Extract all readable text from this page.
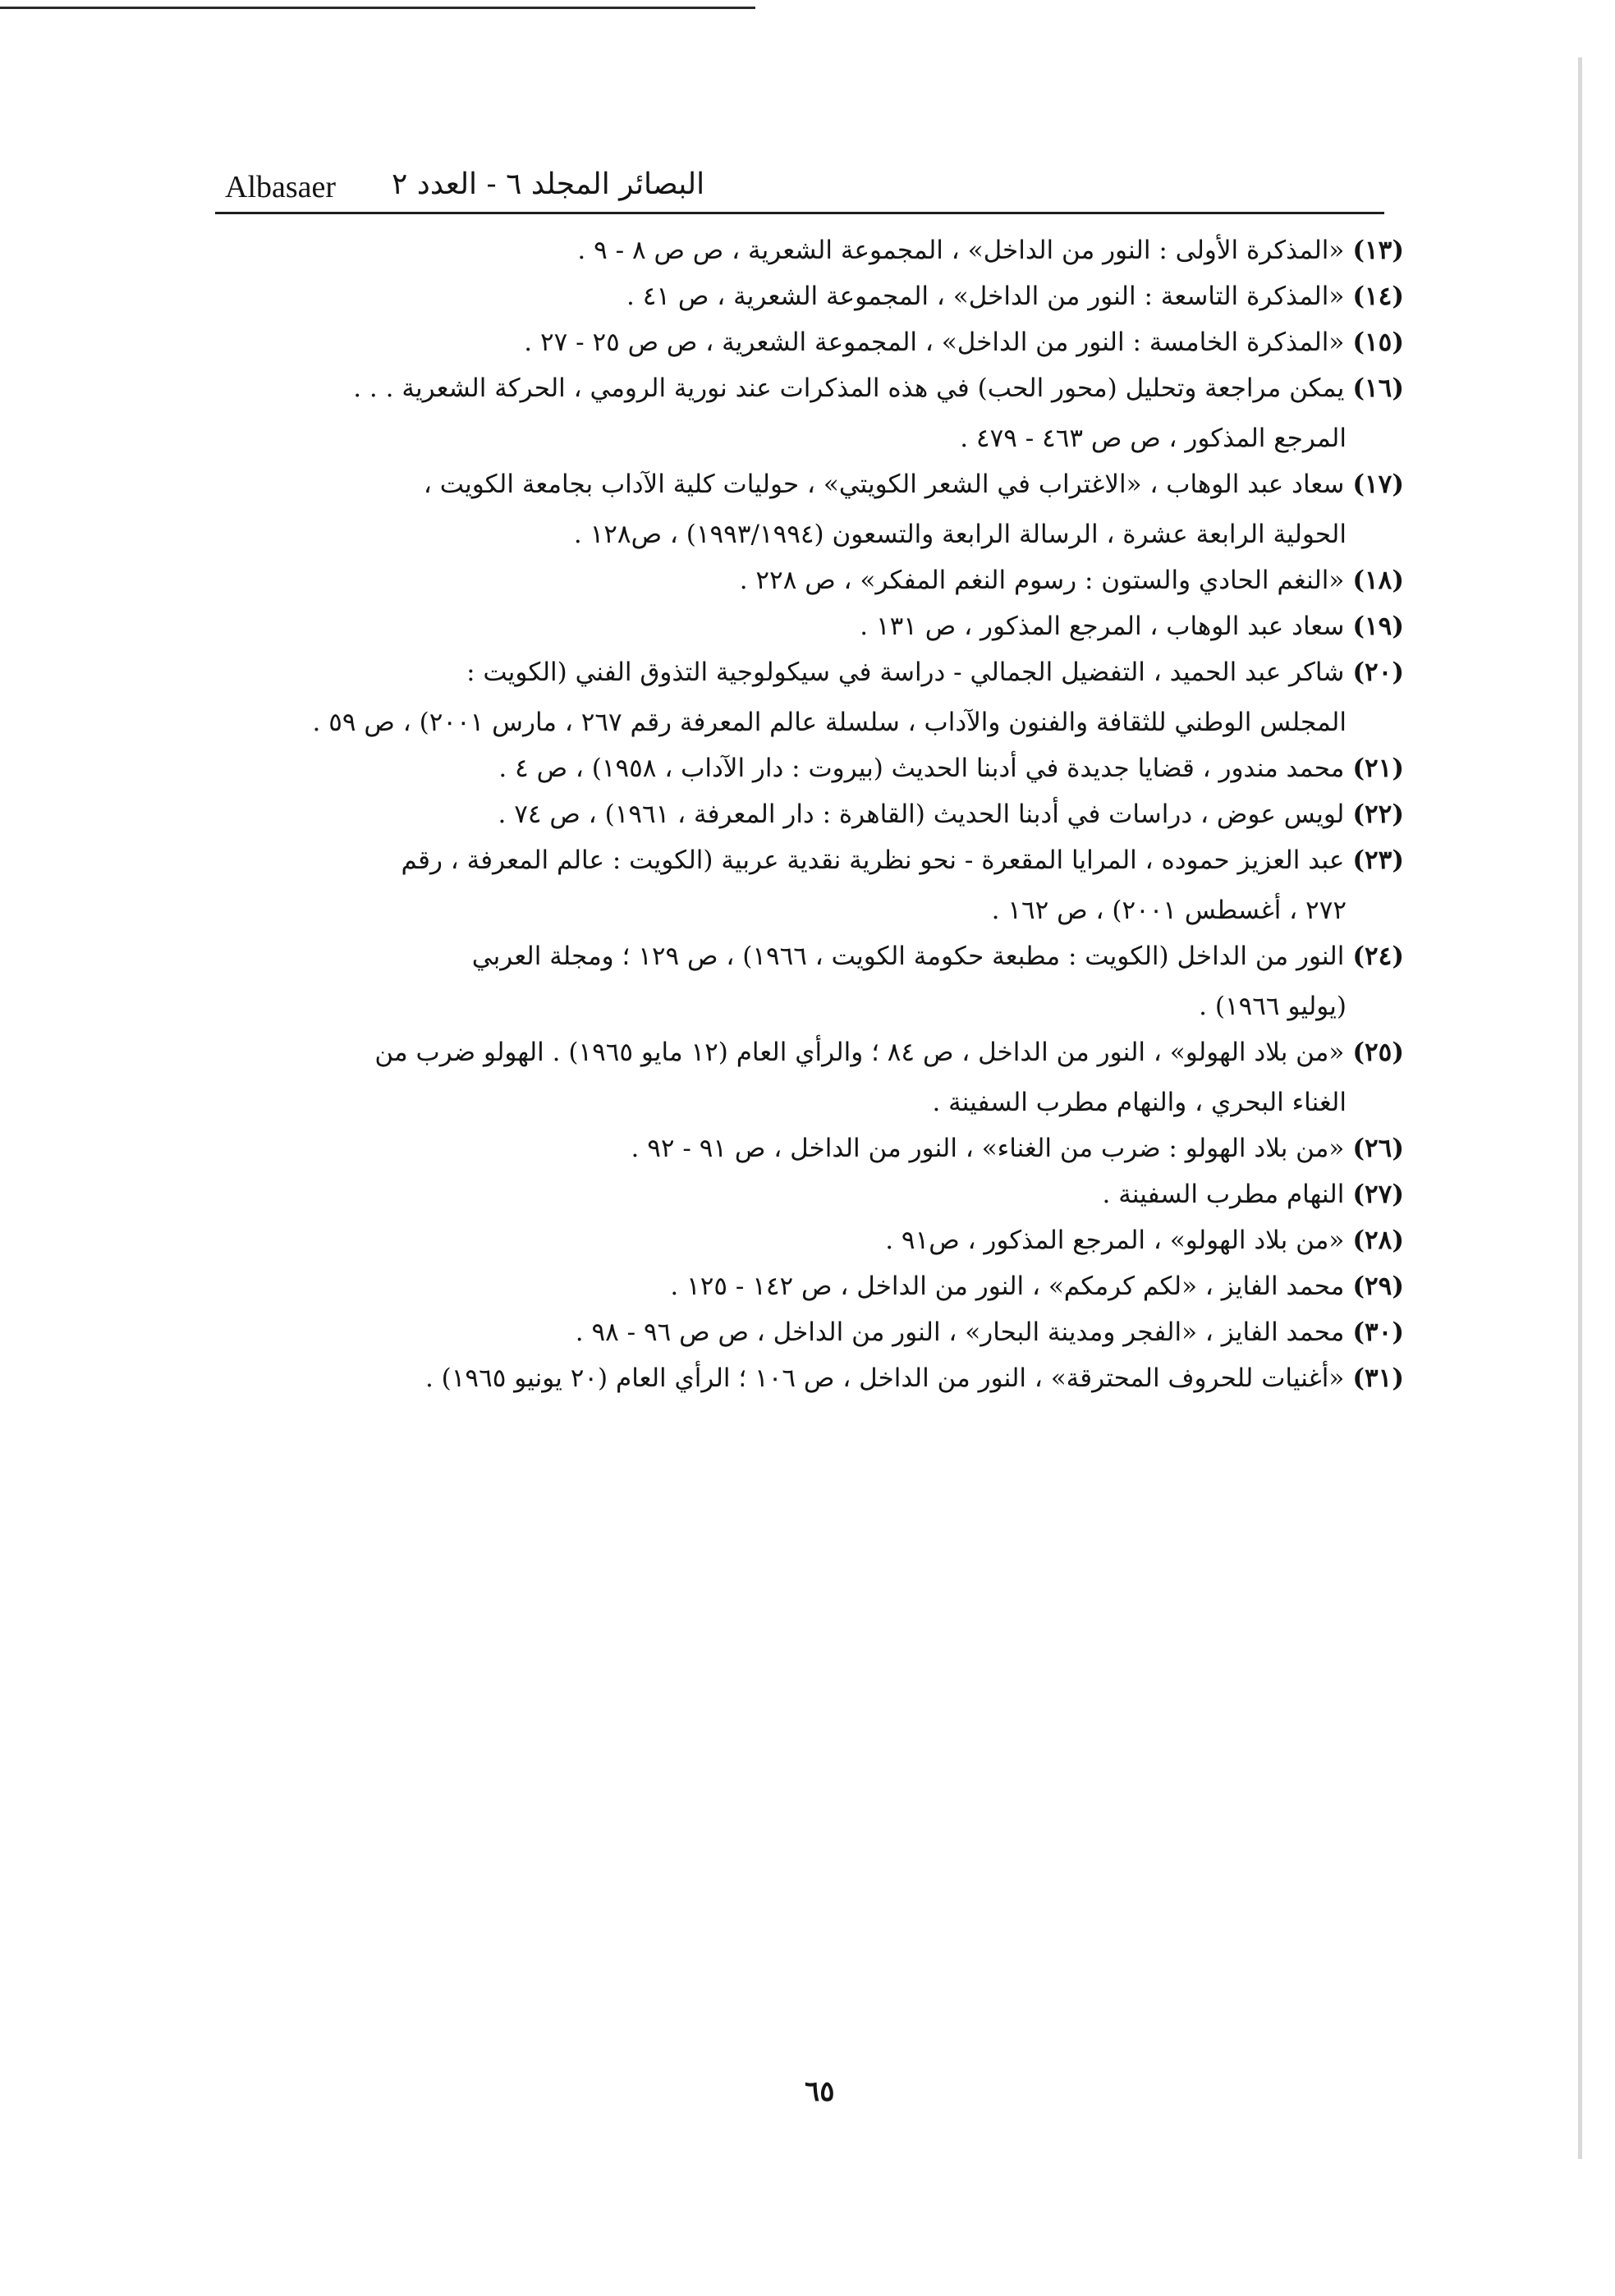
Albasaer البصائر المجلد ٦ - العدد ٢
(١٣)«المذكرة الأولى : النور من الداخل» ، المجموعة الشعرية ، ص ص ٨ - ٩ .
(١٤)«المذكرة التاسعة : النور من الداخل» ، المجموعة الشعرية ، ص ٤١ .
(١٥)«المذكرة الخامسة : النور من الداخل» ، المجموعة الشعرية ، ص ص ٢٥ - ٢٧ .
(١٦)يمكن مراجعة وتحليل (محور الحب) في هذه المذكرات عند نورية الرومي ، الحركة الشعرية . . .
المرجع المذكور ، ص ص ٤٦٣ - ٤٧٩ .
(١٧)سعاد عبد الوهاب ، «الاغتراب في الشعر الكويتي» ، حوليات كلية الآداب بجامعة الكويت ،
الحولية الرابعة عشرة ، الرسالة الرابعة والتسعون (١٩٩٣/١٩٩٤) ، ص١٢٨ .
(١٨)«النغم الحادي والستون : رسوم النغم المفكر» ، ص ٢٢٨ .
(١٩)سعاد عبد الوهاب ، المرجع المذكور ، ص ١٣١ .
(٢٠)شاكر عبد الحميد ، التفضيل الجمالي - دراسة في سيكولوجية التذوق الفني (الكويت :
المجلس الوطني للثقافة والفنون والآداب ، سلسلة عالم المعرفة رقم ٢٦٧ ، مارس ٢٠٠١) ، ص ٥٩ .
(٢١)محمد مندور ، قضايا جديدة في أدبنا الحديث (بيروت : دار الآداب ، ١٩٥٨) ، ص ٤ .
(٢٢)لويس عوض ، دراسات في أدبنا الحديث (القاهرة : دار المعرفة ، ١٩٦١) ، ص ٧٤ .
(٢٣)عبد العزيز حموده ، المرايا المقعرة - نحو نظرية نقدية عربية (الكويت : عالم المعرفة ، رقم
٢٧٢ ، أغسطس ٢٠٠١) ، ص ١٦٢ .
(٢٤)النور من الداخل (الكويت : مطبعة حكومة الكويت ، ١٩٦٦) ، ص ١٢٩ ؛ ومجلة العربي
(يوليو ١٩٦٦) .
(٢٥)«من بلاد الهولو» ، النور من الداخل ، ص ٨٤ ؛ والرأي العام (١٢ مايو ١٩٦٥) . الهولو ضرب من
الغناء البحري ، والنهام مطرب السفينة .
(٢٦)«من بلاد الهولو : ضرب من الغناء» ، النور من الداخل ، ص ٩١ - ٩٢ .
(٢٧)النهام مطرب السفينة .
(٢٨)«من بلاد الهولو» ، المرجع المذكور ، ص٩١ .
(٢٩)محمد الفايز ، «لكم كرمكم» ، النور من الداخل ، ص ١٤٢ - ١٢٥ .
(٣٠)محمد الفايز ، «الفجر ومدينة البحار» ، النور من الداخل ، ص ص ٩٦ - ٩٨ .
(٣١)«أغنيات للحروف المحترقة» ، النور من الداخل ، ص ١٠٦ ؛ الرأي العام (٢٠ يونيو ١٩٦٥) .
٦٥
